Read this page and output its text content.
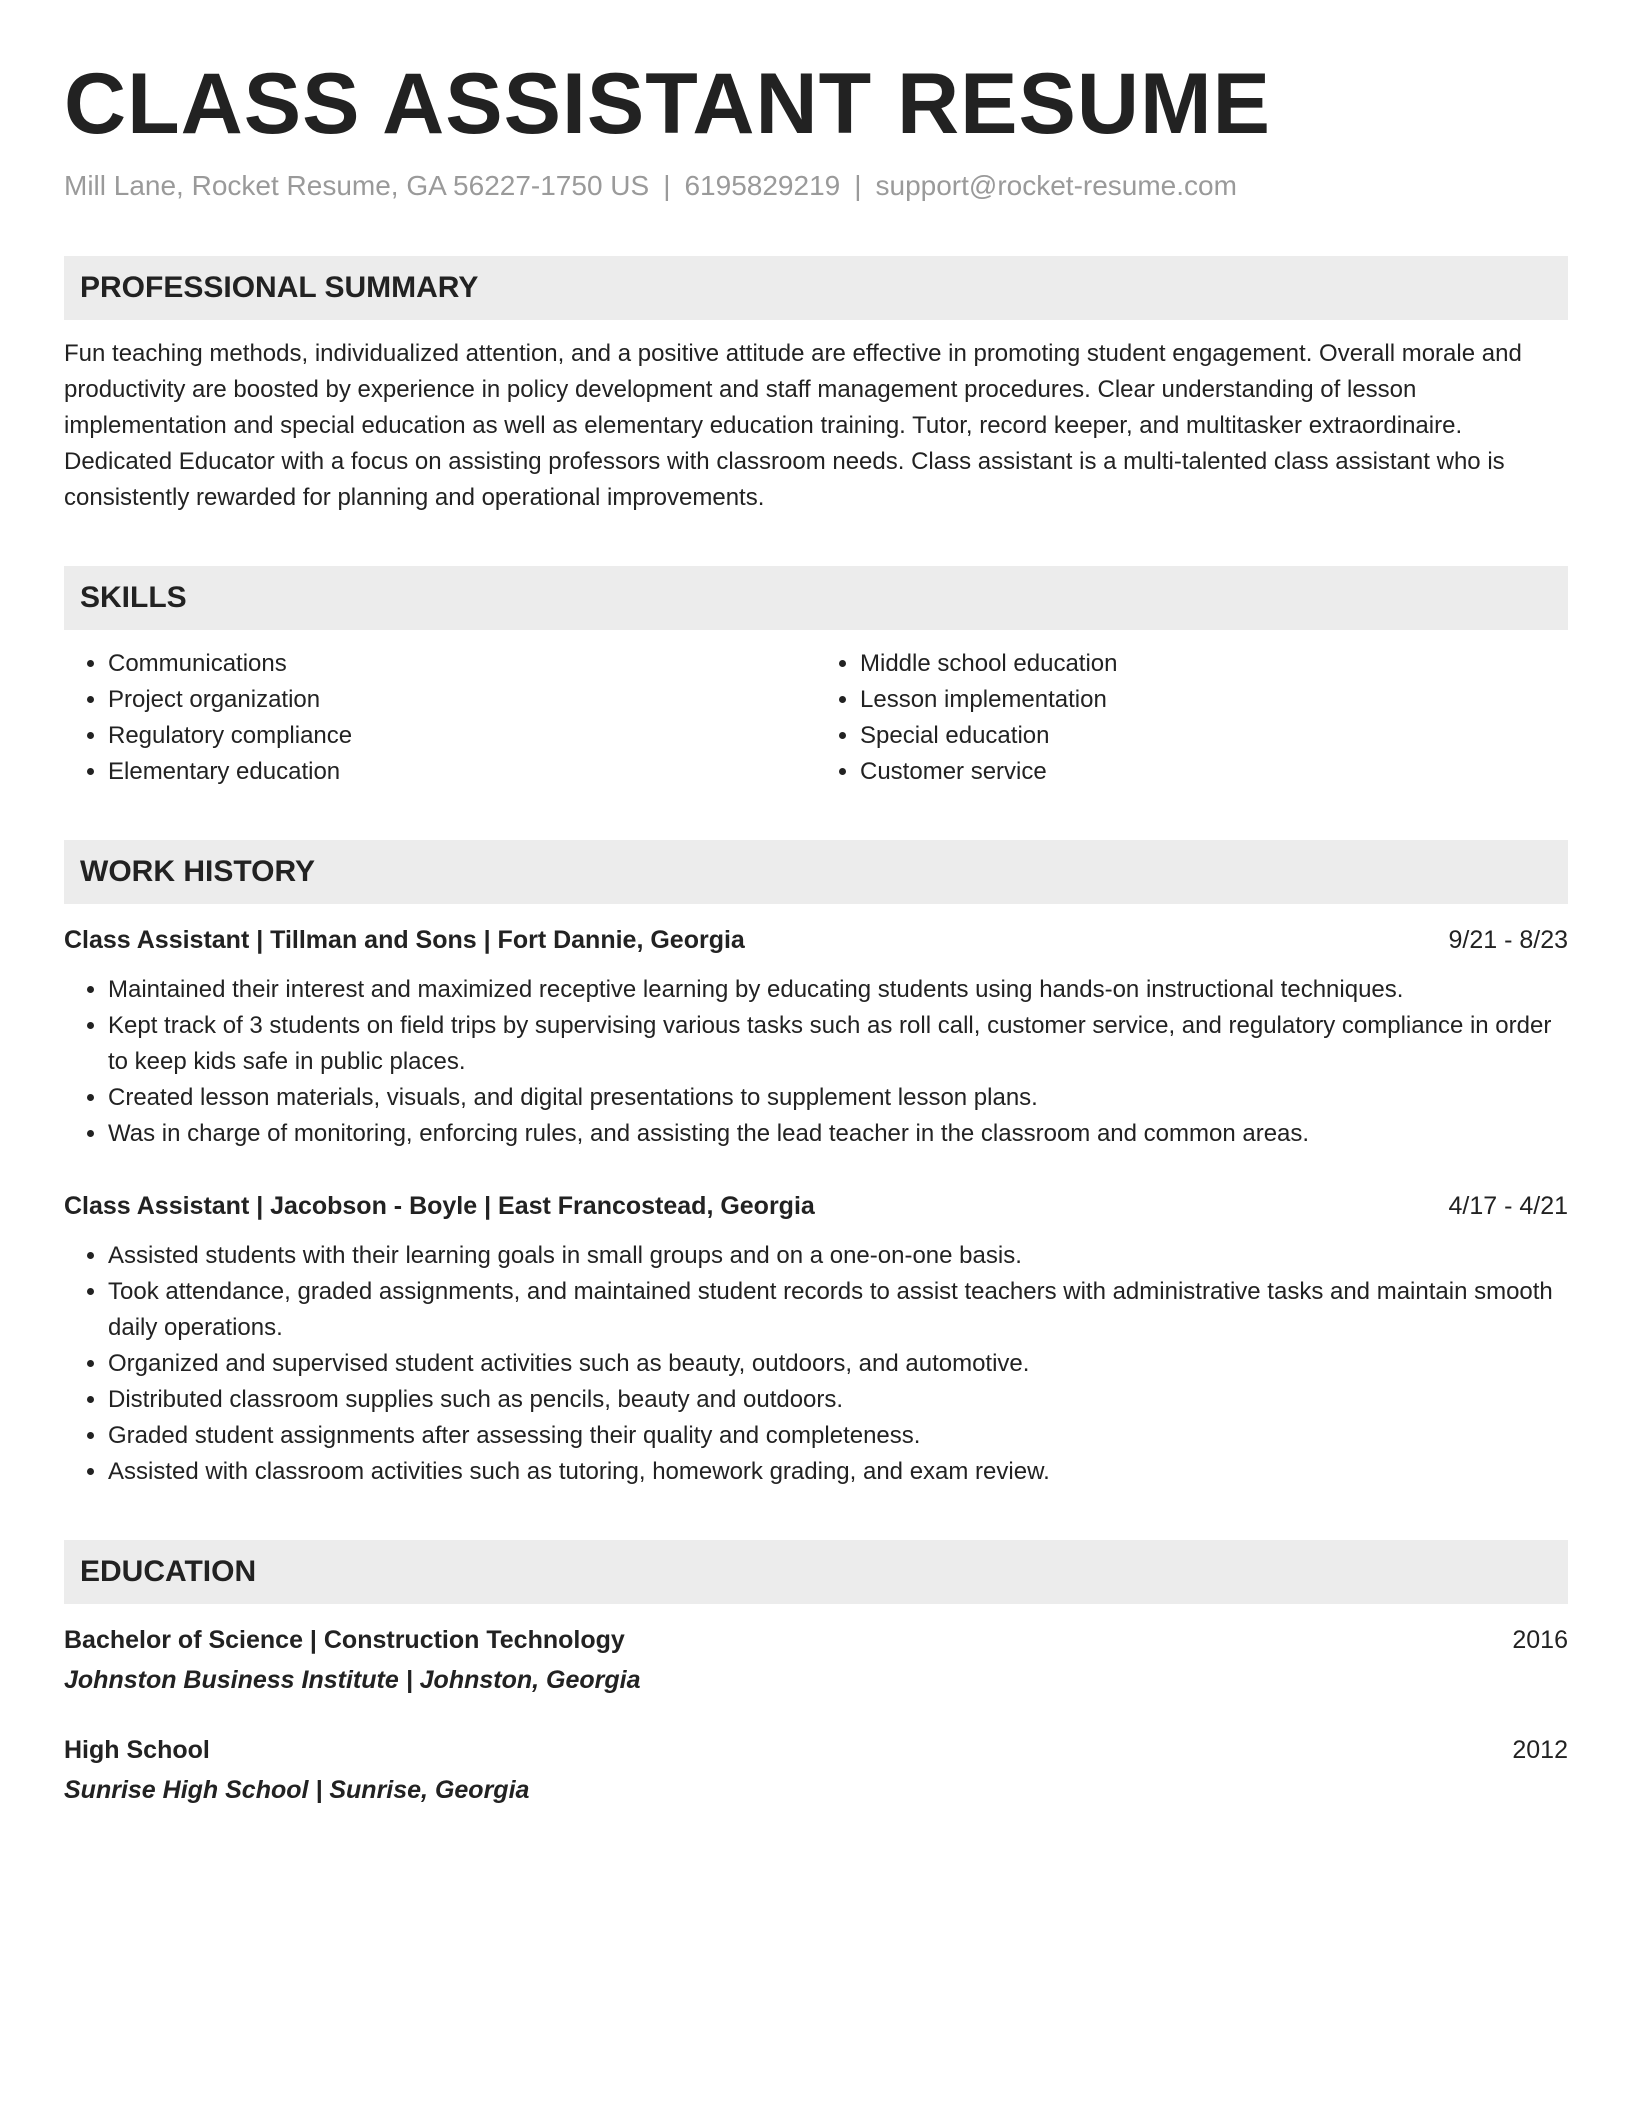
CLASS ASSISTANT RESUME
Mill Lane, Rocket Resume, GA 56227-1750 US | 6195829219 | support@rocket-resume.com
PROFESSIONAL SUMMARY

Fun teaching methods, individualized attention, and a positive attitude are effective in promoting student engagement. Overall morale and productivity are boosted by experience in policy development and staff management procedures. Clear understanding of lesson implementation and special education as well as elementary education training. Tutor, record keeper, and multitasker extraordinaire. Dedicated Educator with a focus on assisting professors with classroom needs. Class assistant is a multi-talented class assistant who is consistently rewarded for planning and operational improvements.

SKILLS
• Communications
• Project organization
• Regulatory compliance
• Elementary education
• Middle school education
• Lesson implementation
• Special education
• Customer service
WORK HISTORY
Class Assistant | Tillman and Sons | Fort Dannie, Georgia	9/21 - 8/23
• Maintained their interest and maximized receptive learning by educating students using hands-on instructional techniques.
• Kept track of 3 students on field trips by supervising various tasks such as roll call, customer service, and regulatory compliance in order to keep kids safe in public places.
• Created lesson materials, visuals, and digital presentations to supplement lesson plans.
• Was in charge of monitoring, enforcing rules, and assisting the lead teacher in the classroom and common areas.
Class Assistant | Jacobson - Boyle | East Francostead, Georgia	4/17 - 4/21
• Assisted students with their learning goals in small groups and on a one-on-one basis.
• Took attendance, graded assignments, and maintained student records to assist teachers with administrative tasks and maintain smooth daily operations.
• Organized and supervised student activities such as beauty, outdoors, and automotive.
• Distributed classroom supplies such as pencils, beauty and outdoors.
• Graded student assignments after assessing their quality and completeness.
• Assisted with classroom activities such as tutoring, homework grading, and exam review.
EDUCATION
Bachelor of Science | Construction Technology	2016
Johnston Business Institute | Johnston, Georgia
High School	2012
Sunrise High School | Sunrise, Georgia
